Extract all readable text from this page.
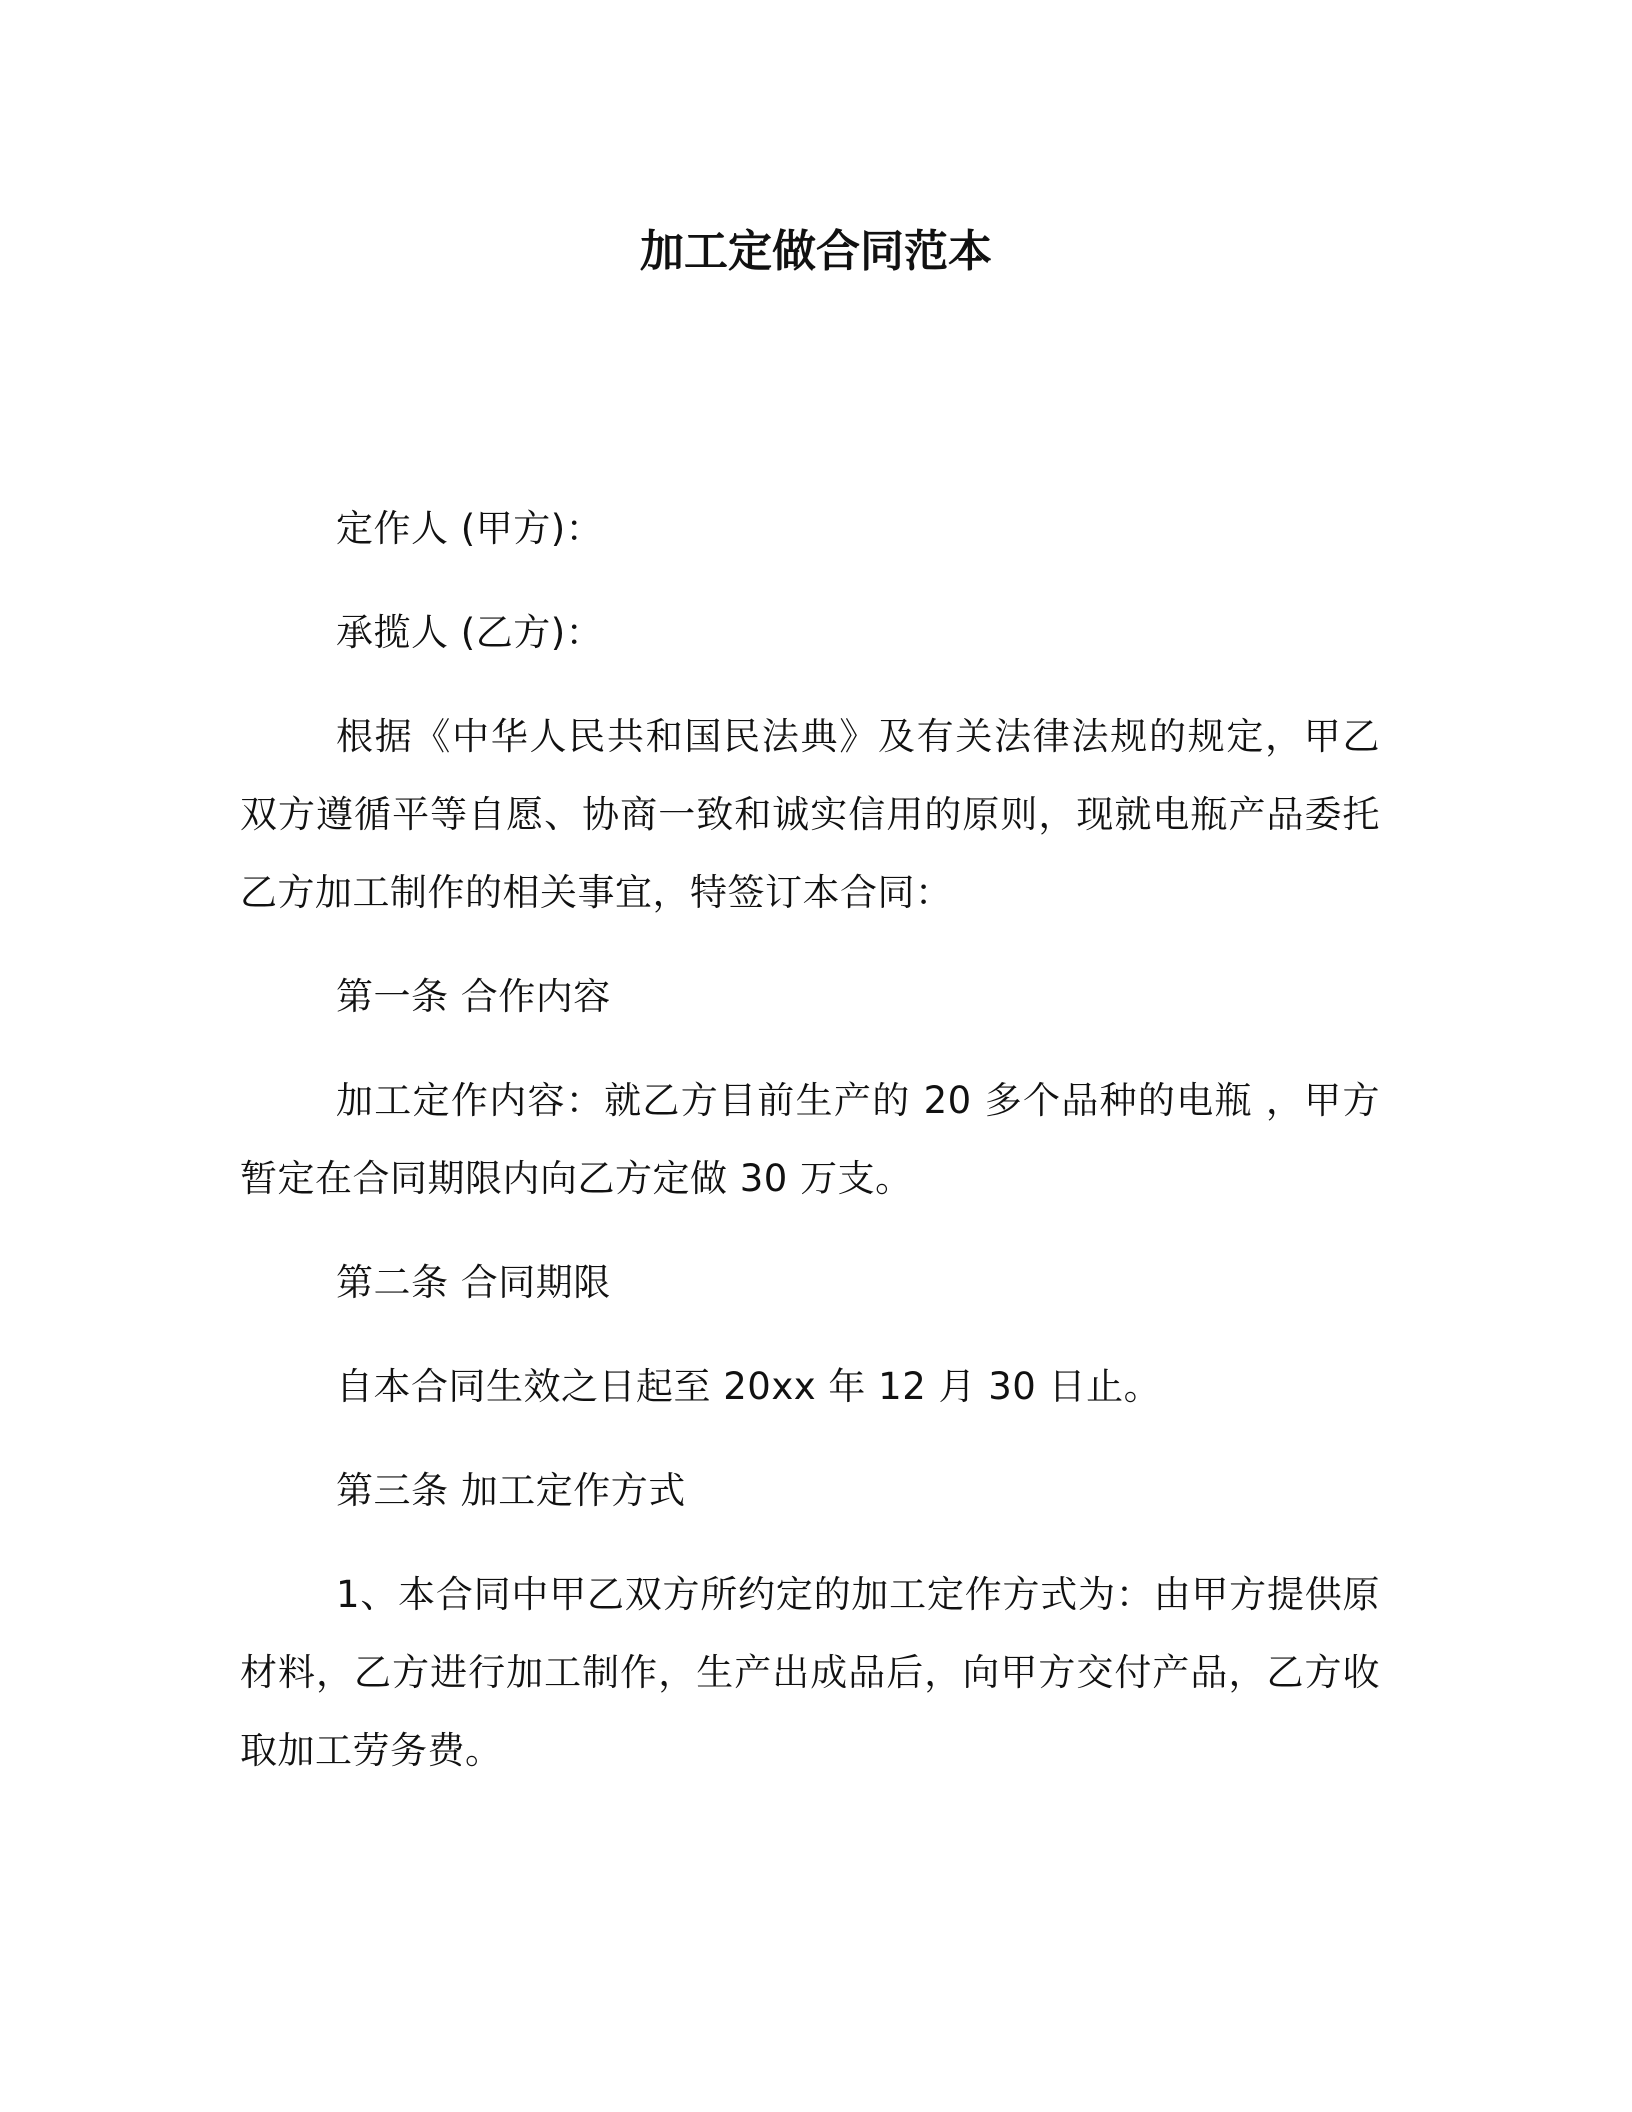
加工定做合同范本

定作人 (甲方)：

承揽人 (乙方)：

根据《中华人民共和国民法典》及有关法律法规的规定，甲乙双方遵循平等自愿、协商一致和诚实信用的原则，现就电瓶产品委托乙方加工制作的相关事宜，特签订本合同：

第一条 合作内容

加工定作内容：就乙方目前生产的 20 多个品种的电瓶 ，甲方暂定在合同期限内向乙方定做 30 万支。

第二条 合同期限

自本合同生效之日起至 20xx 年 12 月 30 日止。

第三条 加工定作方式

1、本合同中甲乙双方所约定的加工定作方式为：由甲方提供原材料，乙方进行加工制作，生产出成品后，向甲方交付产品，乙方收取加工劳务费。
